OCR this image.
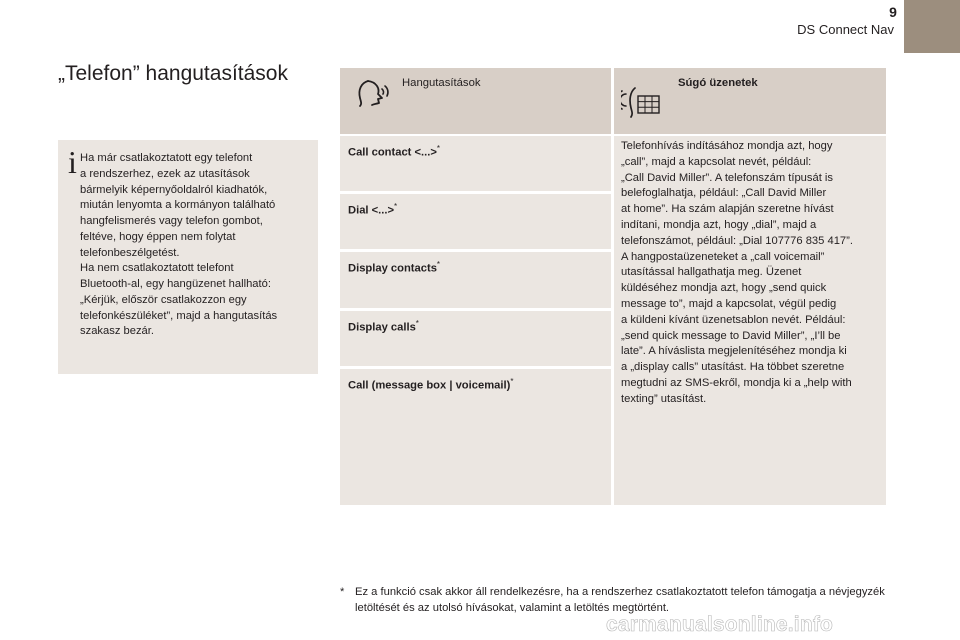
9
DS Connect Nav
„Telefon” hangutasítások
i Ha már csatlakoztatott egy telefont
a rendszerhez, ezek az utasítások
bármelyik képernyőoldalról kiadhatók,
miután lenyomta a kormányon található
hangfelismerés vagy telefon gombot,
feltéve, hogy éppen nem folytat
telefonbeszélgetést.
Ha nem csatlakoztatott telefont
Bluetooth-al, egy hangüzenet hallható:
„Kérjük, először csatlakozzon egy
telefonkészüléket”, majd a hangutasítás
szakasz bezár.
Hangutasítások	Súgó üzenetek
Call contact <...>*
Dial <...>*
Display contacts*
Display calls*
Call (message box | voicemail)*
Telefonhívás indításához mondja azt, hogy
„call”, majd a kapcsolat nevét, például:
„Call David Miller”. A telefonszám típusát is
belefoglalhatja, például: „Call David Miller
at home”. Ha szám alapján szeretne hívást
indítani, mondja azt, hogy „dial”, majd a
telefonszámot, például: „Dial 107776 835 417”.
A hangpostaüzeneteket a „call voicemail”
utasítással hallgathatja meg. Üzenet
küldéséhez mondja azt, hogy „send quick
message to”, majd a kapcsolat, végül pedig
a küldeni kívánt üzenetsablon nevét. Például:
„send quick message to David Miller”, „I’ll be
late”. A híváslista megjelenítéséhez mondja ki
a „display calls” utasítást. Ha többet szeretne
megtudni az SMS-ekről, mondja ki a „help with
texting” utasítást.
* Ez a funkció csak akkor áll rendelkezésre, ha a rendszerhez csatlakoztatott telefon támogatja a névjegyzék letöltését és az utolsó hívásokat, valamint a letöltés megtörtént.
carmanualsonline.info
